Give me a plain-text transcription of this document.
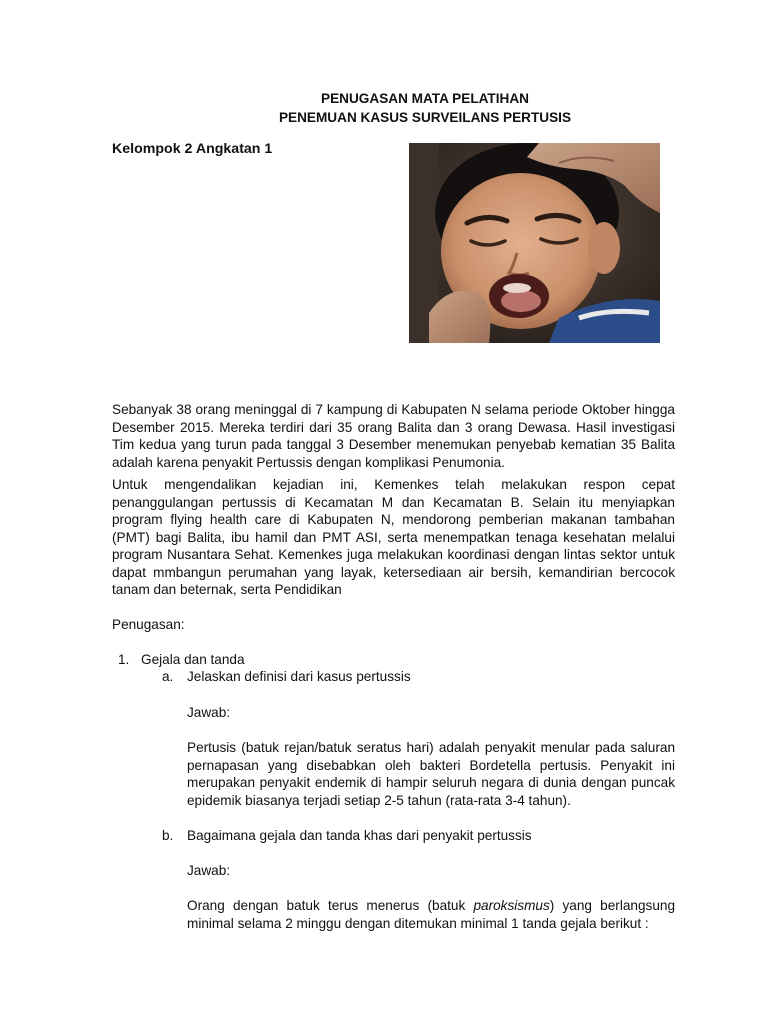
PENUGASAN MATA PELATIHAN
PENEMUAN KASUS SURVEILANS PERTUSIS
Kelompok 2 Angkatan 1
Sebanyak 38 orang meninggal di 7 kampung di Kabupaten N selama periode Oktober hingga Desember 2015. Mereka terdiri dari 35 orang Balita dan 3 orang Dewasa. Hasil investigasi Tim kedua yang turun pada tanggal 3 Desember menemukan penyebab kematian 35 Balita adalah karena penyakit Pertussis dengan komplikasi Penumonia.
Untuk mengendalikan kejadian ini, Kemenkes telah melakukan respon cepat penanggulangan pertussis di Kecamatan M dan Kecamatan B. Selain itu menyiapkan program flying health care di Kabupaten N, mendorong pemberian makanan tambahan (PMT) bagi Balita, ibu hamil dan PMT ASI, serta menempatkan tenaga kesehatan melalui program Nusantara Sehat. Kemenkes juga melakukan koordinasi dengan lintas sektor untuk dapat mmbangun perumahan yang layak, ketersediaan air bersih, kemandirian bercocok tanam dan beternak, serta Pendidikan
Penugasan:
1. Gejala dan tanda
a. Jelaskan definisi dari kasus pertussis
Jawab:
Pertusis (batuk rejan/batuk seratus hari) adalah penyakit menular pada saluran pernapasan yang disebabkan oleh bakteri Bordetella pertusis. Penyakit ini merupakan penyakit endemik di hampir seluruh negara di dunia dengan puncak epidemik biasanya terjadi setiap 2-5 tahun (rata-rata 3-4 tahun).
b. Bagaimana gejala dan tanda khas dari penyakit pertussis
Jawab:
Orang dengan batuk terus menerus (batuk paroksismus) yang berlangsung minimal selama 2 minggu dengan ditemukan minimal 1 tanda gejala berikut :
